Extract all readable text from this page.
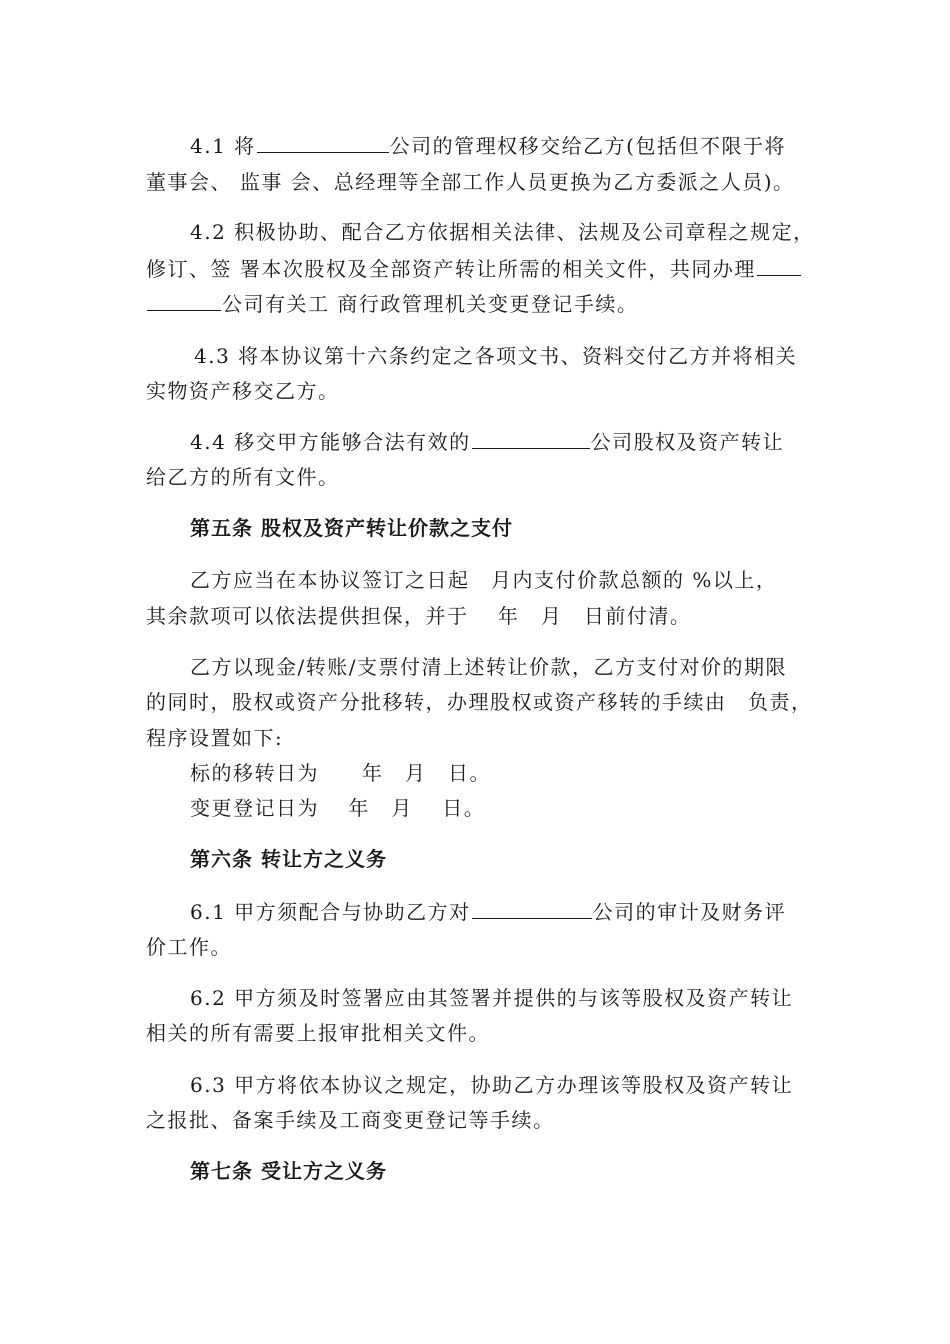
4.1 将	公司的管理权移交给乙方(包括但不限于将
董事会、 监事 会、总经理等全部工作人员更换为乙方委派之人员)。
4.2 积极协助、配合乙方依据相关法律、法规及公司章程之规定，
修订、签 署本次股权及全部资产转让所需的相关文件，共同办理
公司有关工 商行政管理机关变更登记手续。
4.3 将本协议第十六条约定之各项文书、资料交付乙方并将相关
实物资产移交乙方。
4.4 移交甲方能够合法有效的	公司股权及资产转让
给乙方的所有文件。
第五条 股权及资产转让价款之支付
乙方应当在本协议签订之日起　月内支付价款总额的 %以上，
其余款项可以依法提供担保，并于　 年　月　日前付清。
乙方以现金/转账/支票付清上述转让价款，乙方支付对价的期限
的同时，股权或资产分批移转，办理股权或资产移转的手续由　负责，
程序设置如下:
标的移转日为　　年　月　日。
变更登记日为　 年　月　 日。
第六条 转让方之义务
6.1 甲方须配合与协助乙方对	公司的审计及财务评
价工作。
6.2 甲方须及时签署应由其签署并提供的与该等股权及资产转让
相关的所有需要上报审批相关文件。
6.3 甲方将依本协议之规定，协助乙方办理该等股权及资产转让
之报批、备案手续及工商变更登记等手续。
第七条 受让方之义务
